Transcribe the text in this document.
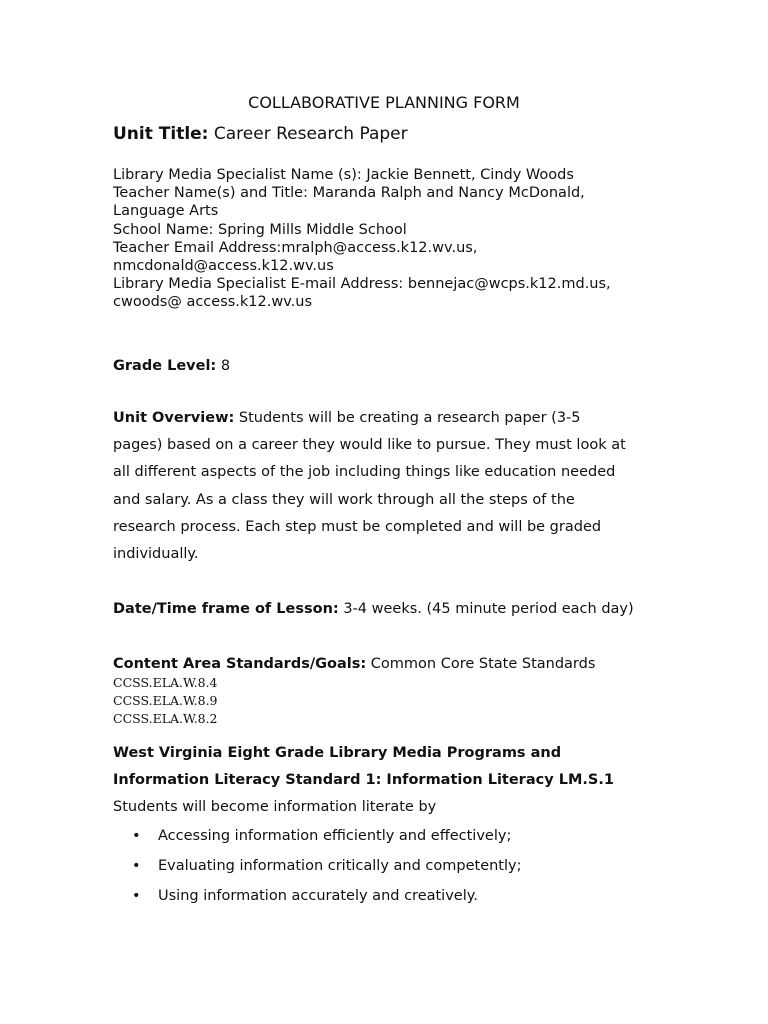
COLLABORATIVE PLANNING FORM
Unit Title: Career Research Paper
Library Media Specialist Name (s): Jackie Bennett, Cindy Woods
Teacher Name(s) and Title: Maranda Ralph and Nancy McDonald,
Language Arts
School Name: Spring Mills Middle School
Teacher Email Address:mralph@access.k12.wv.us,
nmcdonald@access.k12.wv.us
Library Media Specialist E-mail Address: bennejac@wcps.k12.md.us,
cwoods@ access.k12.wv.us
Grade Level: 8
Unit Overview: Students will be creating a research paper (3-5
pages) based on a career they would like to pursue. They must look at
all different aspects of the job including things like education needed
and salary. As a class they will work through all the steps of the
research process. Each step must be completed and will be graded
individually.
Date/Time frame of Lesson: 3-4 weeks. (45 minute period each day)
Content Area Standards/Goals: Common Core State Standards
CCSS.ELA.W.8.4
CCSS.ELA.W.8.9
CCSS.ELA.W.8.2
West Virginia Eight Grade Library Media Programs and
Information Literacy Standard 1: Information Literacy LM.S.1
Students will become information literate by
• Accessing information efficiently and effectively;
• Evaluating information critically and competently;
• Using information accurately and creatively.
